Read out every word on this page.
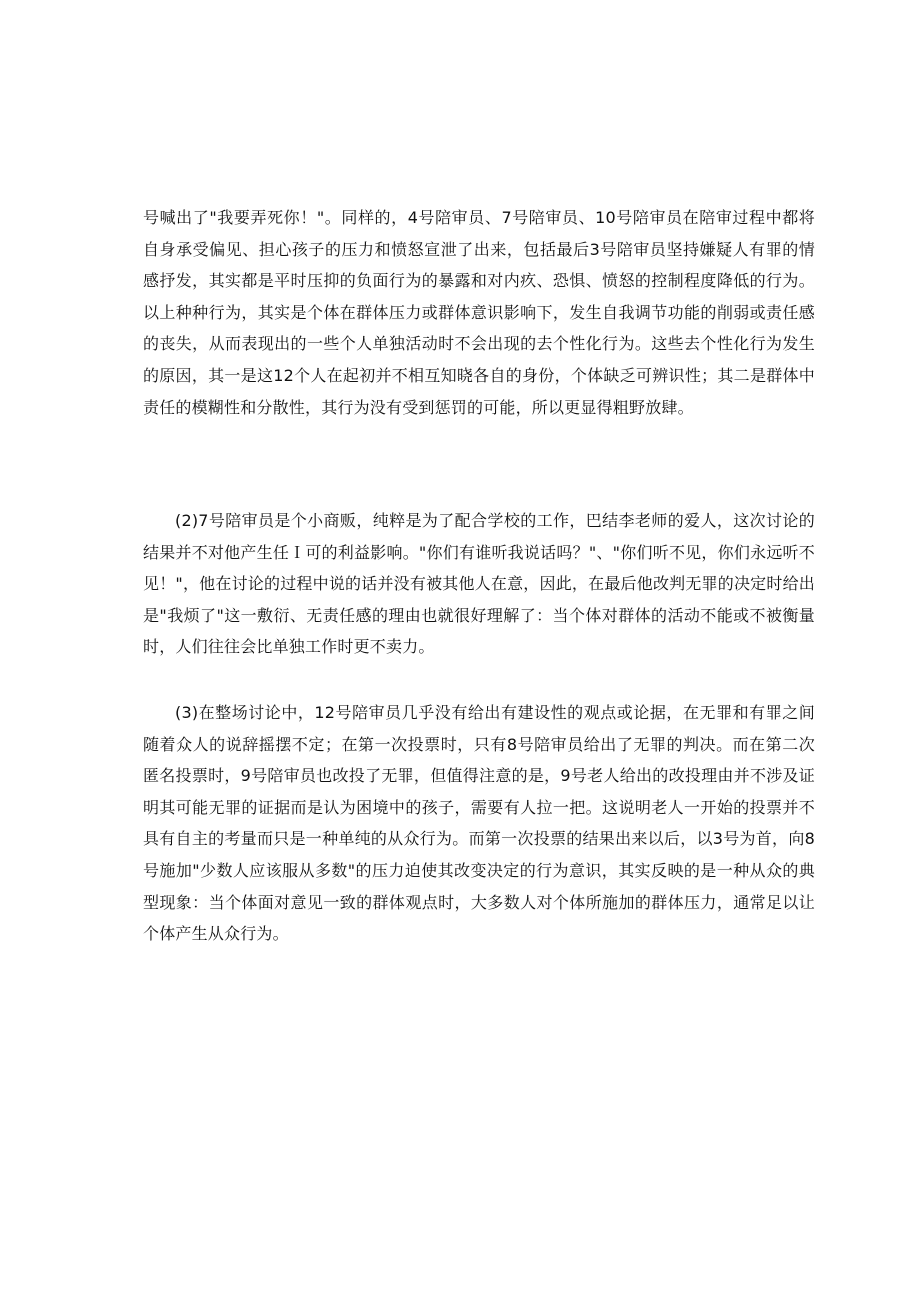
号喊出了"我要弄死你！"。同样的，4号陪审员、7号陪审员、10号陪审员在陪审过程中都将自身承受偏见、担心孩子的压力和愤怒宣泄了出来，包括最后3号陪审员坚持嫌疑人有罪的情感抒发，其实都是平时压抑的负面行为的暴露和对内疚、恐惧、愤怒的控制程度降低的行为。以上种种行为，其实是个体在群体压力或群体意识影响下，发生自我调节功能的削弱或责任感的丧失，从而表现出的一些个人单独活动时不会出现的去个性化行为。这些去个性化行为发生的原因，其一是这12个人在起初并不相互知晓各自的身份，个体缺乏可辨识性；其二是群体中责任的模糊性和分散性，其行为没有受到惩罚的可能，所以更显得粗野放肆。

(2)7号陪审员是个小商贩，纯粹是为了配合学校的工作，巴结李老师的爱人，这次讨论的结果并不对他产生任Ｉ可的利益影响。"你们有谁听我说话吗？"、"你们听不见，你们永远听不见！"，他在讨论的过程中说的话并没有被其他人在意，因此，在最后他改判无罪的决定时给出是"我烦了"这一敷衍、无责任感的理由也就很好理解了：当个体对群体的活动不能或不被衡量时，人们往往会比单独工作时更不卖力。

(3)在整场讨论中，12号陪审员几乎没有给出有建设性的观点或论据，在无罪和有罪之间随着众人的说辞摇摆不定；在第一次投票时，只有8号陪审员给出了无罪的判决。而在第二次匿名投票时，9号陪审员也改投了无罪，但值得注意的是，9号老人给出的改投理由并不涉及证明其可能无罪的证据而是认为困境中的孩子，需要有人拉一把。这说明老人一开始的投票并不具有自主的考量而只是一种单纯的从众行为。而第一次投票的结果出来以后，以3号为首，向8号施加"少数人应该服从多数"的压力迫使其改变决定的行为意识，其实反映的是一种从众的典型现象：当个体面对意见一致的群体观点时，大多数人对个体所施加的群体压力，通常足以让个体产生从众行为。
